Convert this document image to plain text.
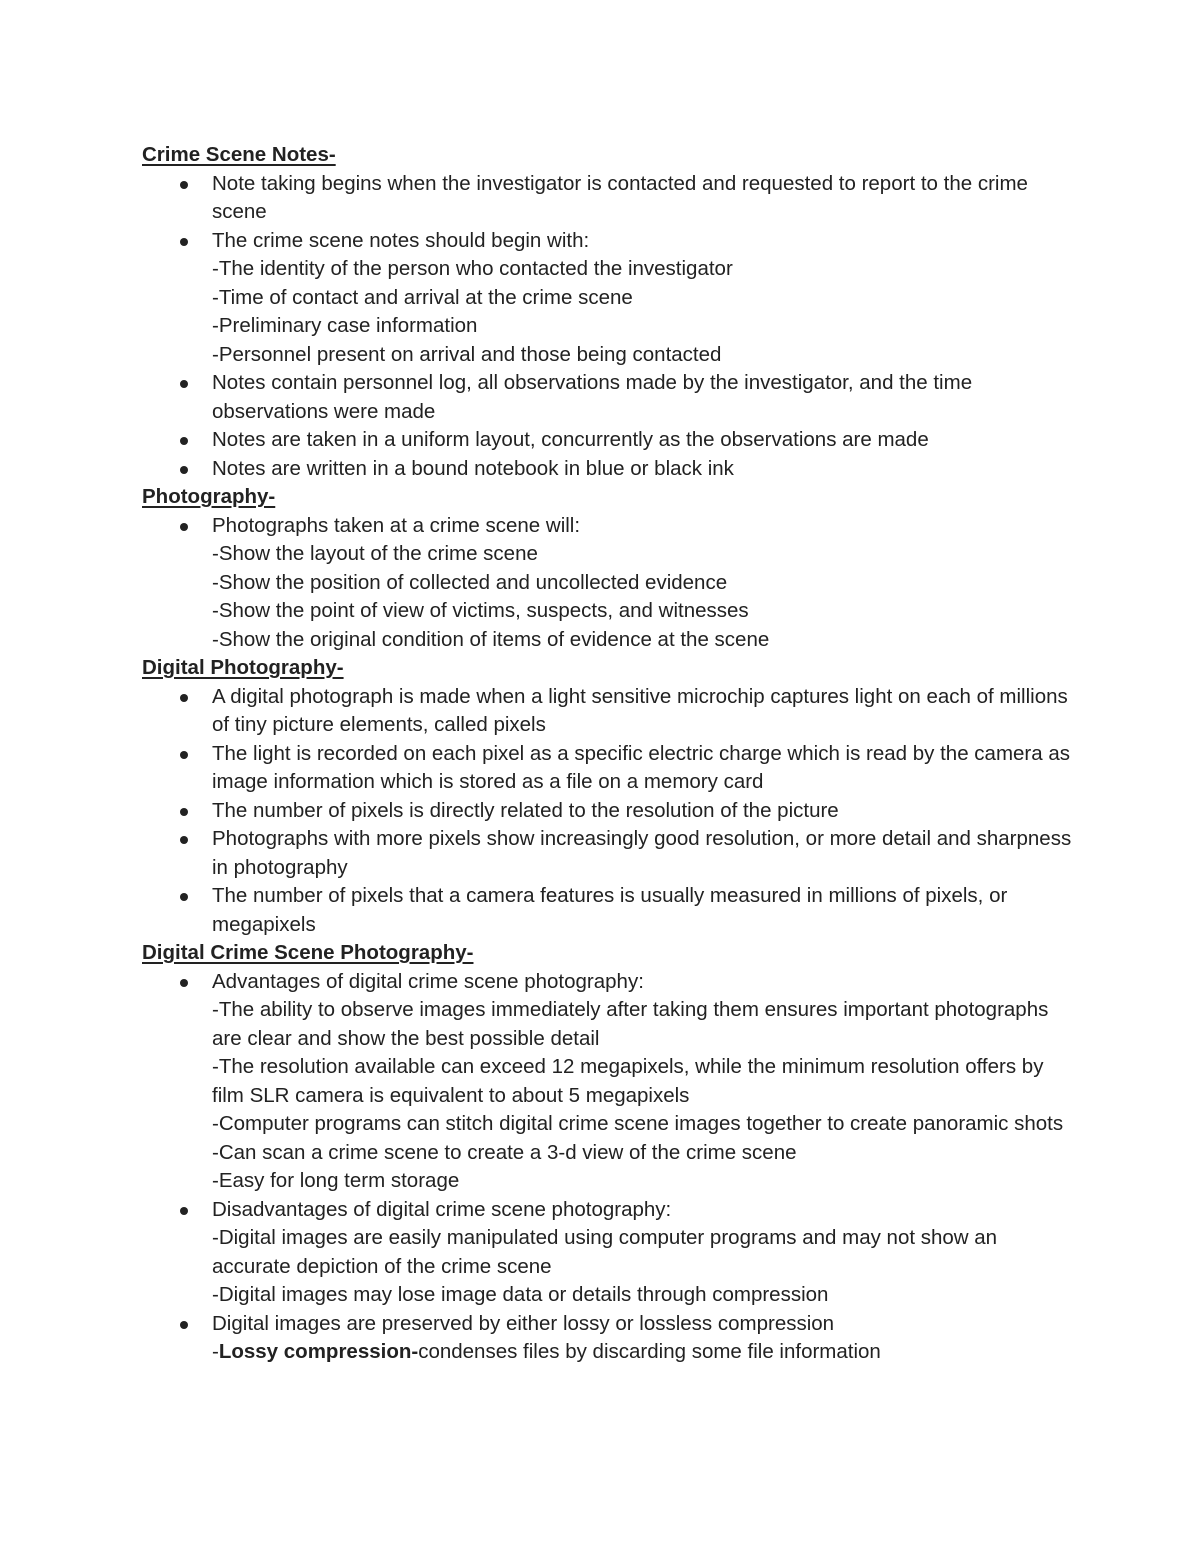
Crime Scene Notes-

Note taking begins when the investigator is contacted and requested to report to the crime scene
The crime scene notes should begin with:
-The identity of the person who contacted the investigator
-Time of contact and arrival at the crime scene
-Preliminary case information
-Personnel present on arrival and those being contacted
Notes contain personnel log, all observations made by the investigator, and the time observations were made
Notes are taken in a uniform layout, concurrently as the observations are made
Notes are written in a bound notebook in blue or black ink

Photography-

Photographs taken at a crime scene will:
-Show the layout of the crime scene
-Show the position of collected and uncollected evidence
-Show the point of view of victims, suspects, and witnesses
-Show the original condition of items of evidence at the scene

Digital Photography-

A digital photograph is made when a light sensitive microchip captures light on each of millions of tiny picture elements, called pixels
The light is recorded on each pixel as a specific electric charge which is read by the camera as image information which is stored as a file on a memory card
The number of pixels is directly related to the resolution of the picture
Photographs with more pixels show increasingly good resolution, or more detail and sharpness in photography
The number of pixels that a camera features is usually measured in millions of pixels, or megapixels

Digital Crime Scene Photography-

Advantages of digital crime scene photography:
-The ability to observe images immediately after taking them ensures important photographs are clear and show the best possible detail
-The resolution available can exceed 12 megapixels, while the minimum resolution offers by film SLR camera is equivalent to about 5 megapixels
-Computer programs can stitch digital crime scene images together to create panoramic shots
-Can scan a crime scene to create a 3-d view of the crime scene
-Easy for long term storage
Disadvantages of digital crime scene photography:
-Digital images are easily manipulated using computer programs and may not show an accurate depiction of the crime scene
-Digital images may lose image data or details through compression
Digital images are preserved by either lossy or lossless compression
-Lossy compression-condenses files by discarding some file information
